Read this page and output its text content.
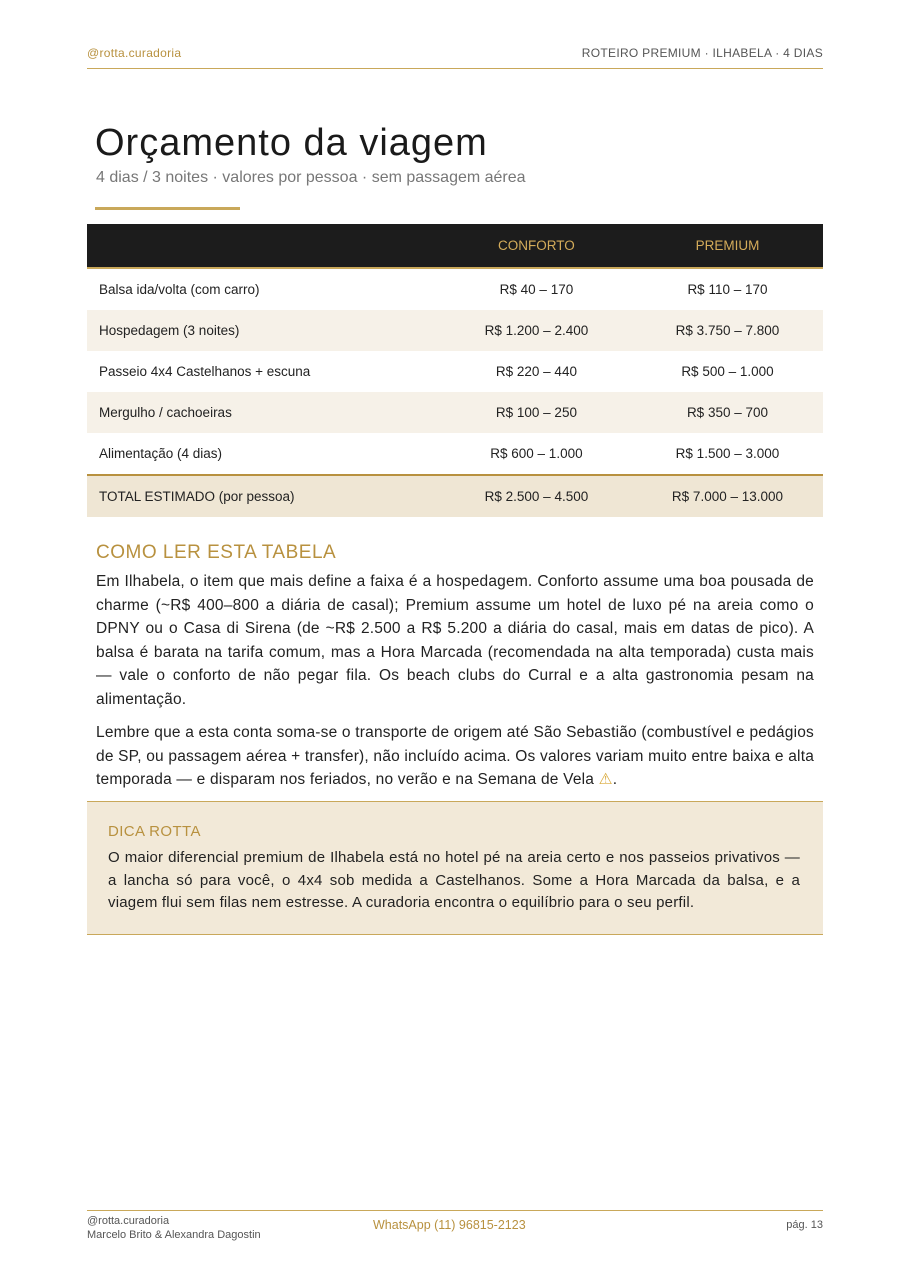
@rotta.curadoria	ROTEIRO PREMIUM · ILHABELA · 4 DIAS
Orçamento da viagem
4 dias / 3 noites · valores por pessoa · sem passagem aérea
	CONFORTO	PREMIUM
Balsa ida/volta (com carro)	R$ 40 – 170	R$ 110 – 170
Hospedagem (3 noites)	R$ 1.200 – 2.400	R$ 3.750 – 7.800
Passeio 4x4 Castelhanos + escuna	R$ 220 – 440	R$ 500 – 1.000
Mergulho / cachoeiras	R$ 100 – 250	R$ 350 – 700
Alimentação (4 dias)	R$ 600 – 1.000	R$ 1.500 – 3.000
TOTAL ESTIMADO (por pessoa)	R$ 2.500 – 4.500	R$ 7.000 – 13.000
COMO LER ESTA TABELA

Em Ilhabela, o item que mais define a faixa é a hospedagem. Conforto assume uma boa pousada de charme (~R$ 400–800 a diária de casal); Premium assume um hotel de luxo pé na areia como o DPNY ou o Casa di Sirena (de ~R$ 2.500 a R$ 5.200 a diária do casal, mais em datas de pico). A balsa é barata na tarifa comum, mas a Hora Marcada (recomendada na alta temporada) custa mais — vale o conforto de não pegar fila. Os beach clubs do Curral e a alta gastronomia pesam na alimentação.

Lembre que a esta conta soma-se o transporte de origem até São Sebastião (combustível e pedágios de SP, ou passagem aérea + transfer), não incluído acima. Os valores variam muito entre baixa e alta temporada — e disparam nos feriados, no verão e na Semana de Vela ⚠.

DICA ROTTA

O maior diferencial premium de Ilhabela está no hotel pé na areia certo e nos passeios privativos — a lancha só para você, o 4x4 sob medida a Castelhanos. Some a Hora Marcada da balsa, e a viagem flui sem filas nem estresse. A curadoria encontra o equilíbrio para o seu perfil.

@rotta.curadoria
Marcelo Brito & Alexandra Dagostin
WhatsApp (11) 96815-2123	pág. 13
